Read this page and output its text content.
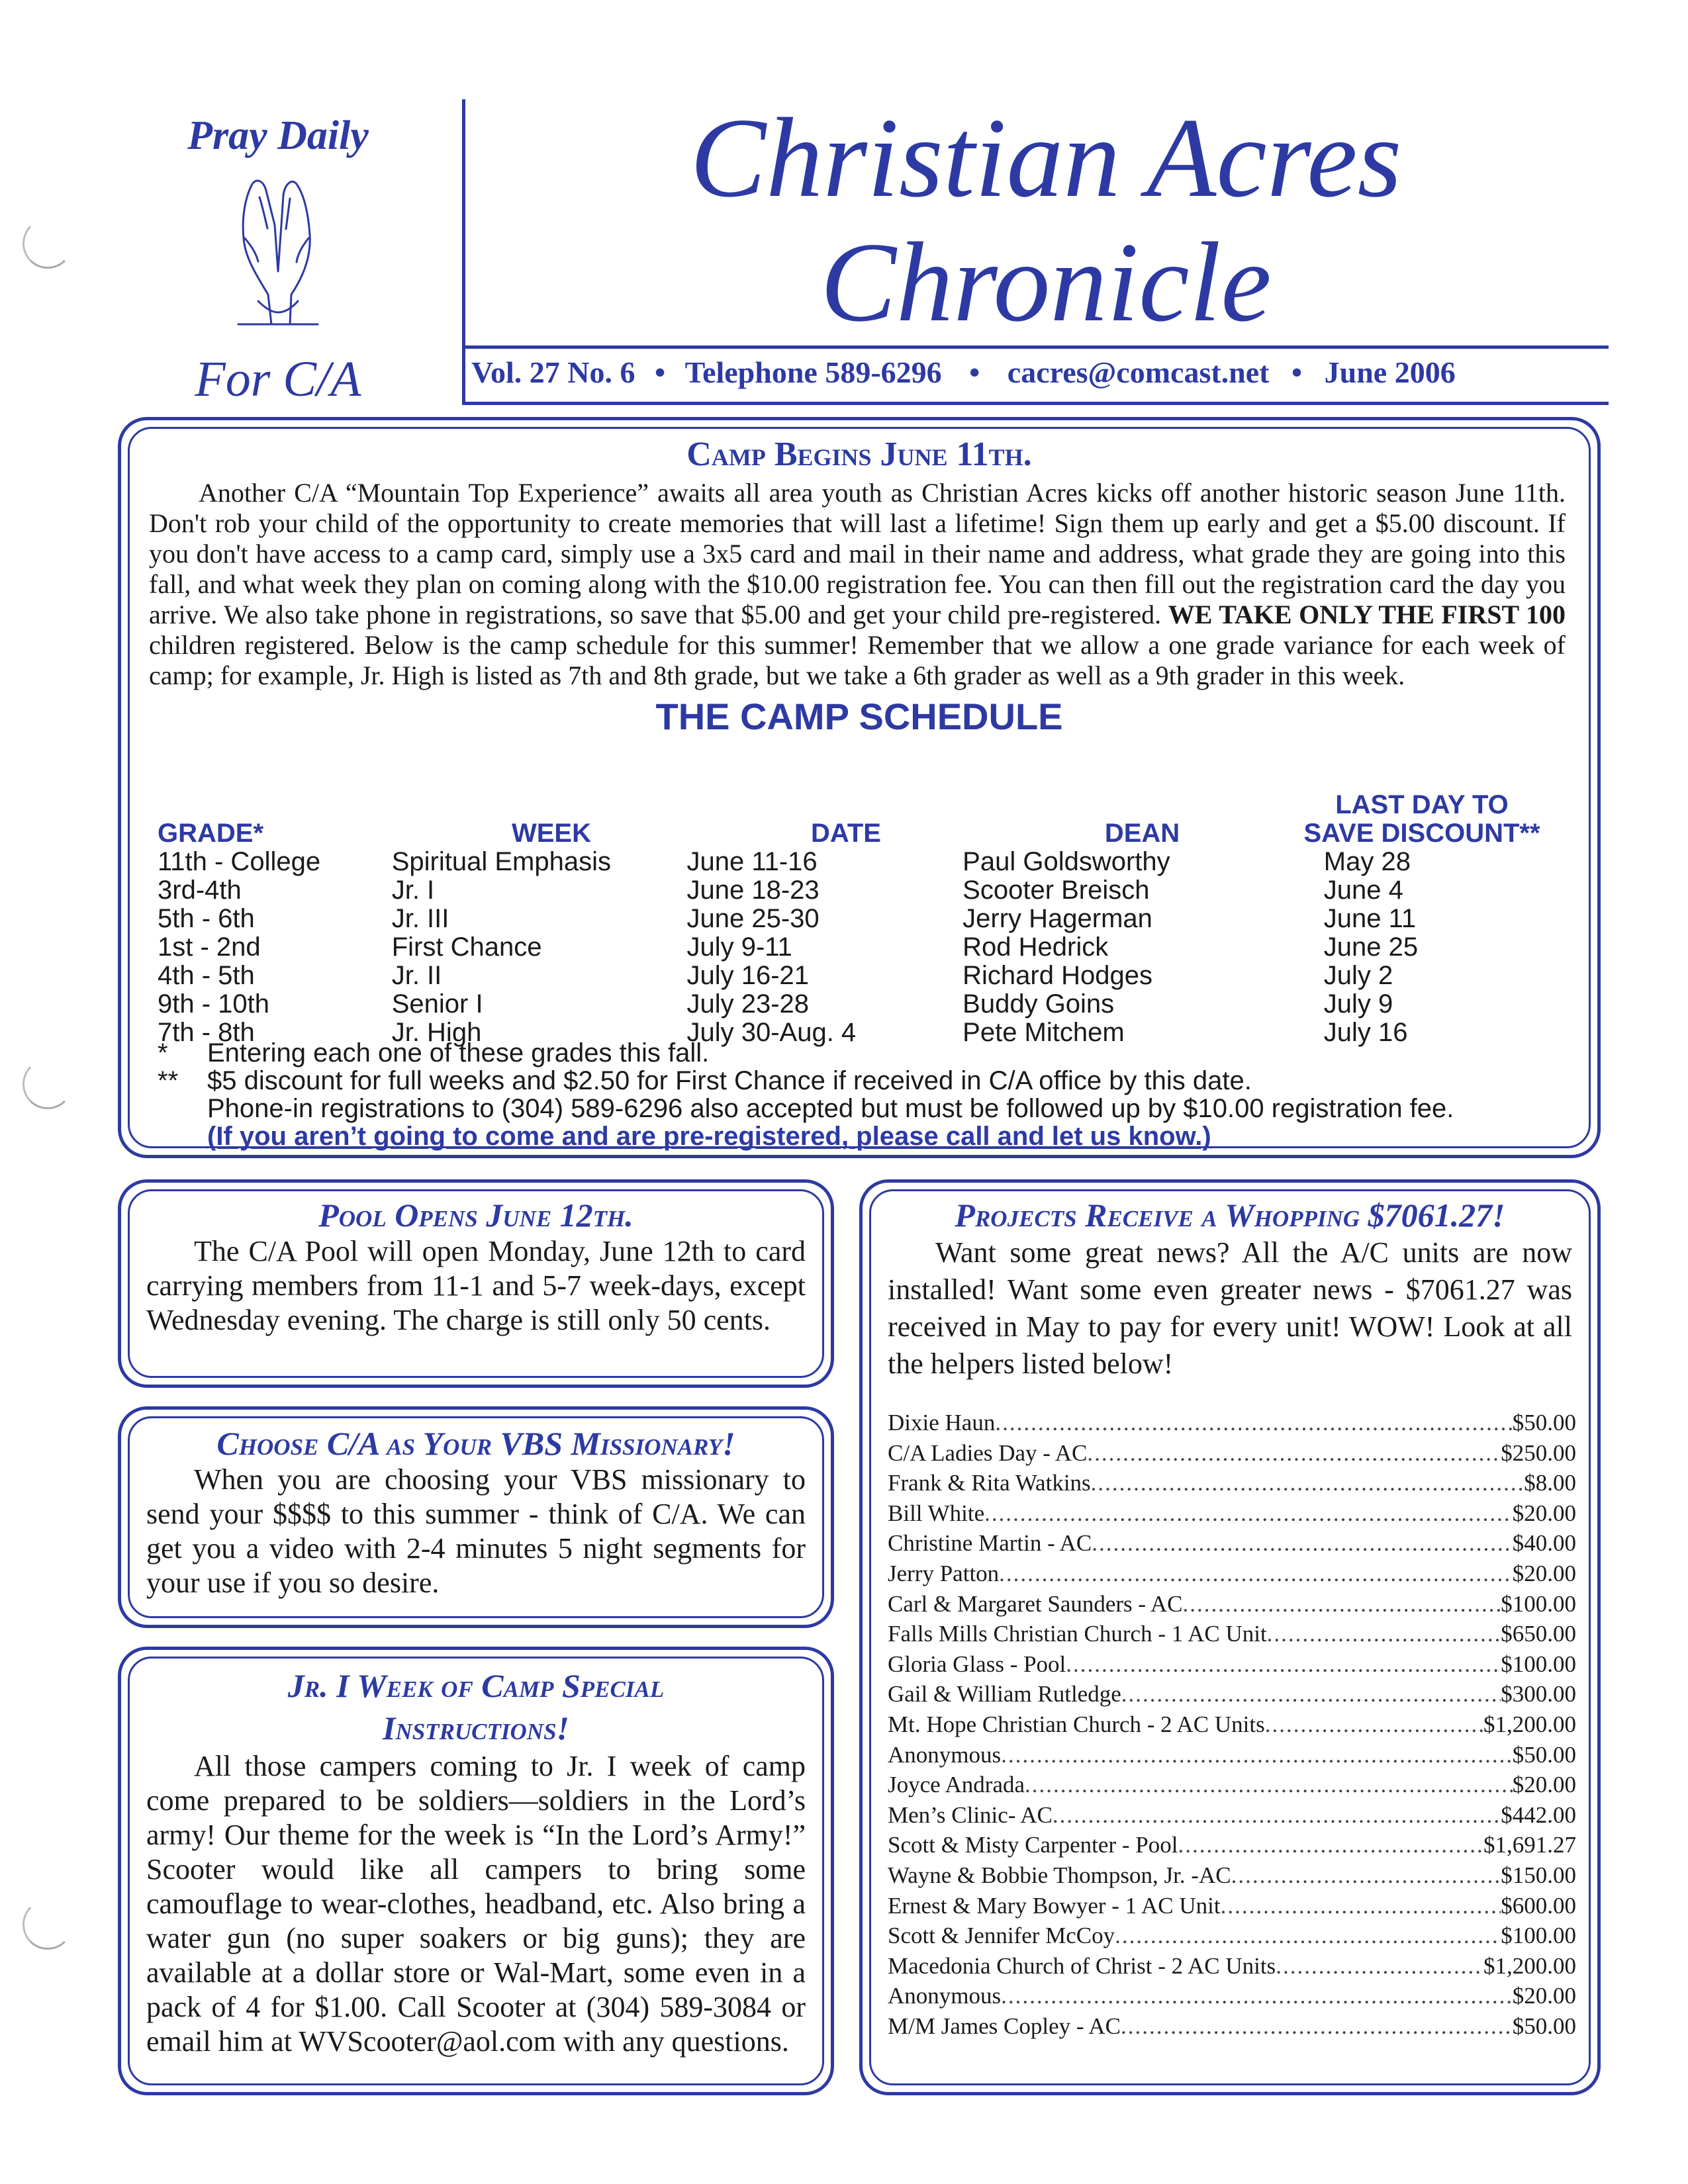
Pray Daily
For C/A
Christian Acres
Chronicle
Vol. 27 No. 6 • Telephone 589-6296 • cacres@comcast.net • June 2006
Camp Begins June 11th.
Another C/A “Mountain Top Experience” awaits all area youth as Christian Acres kicks off another historic season June 11th. Don't rob your child of the opportunity to create memories that will last a lifetime! Sign them up early and get a $5.00 discount. If you don't have access to a camp card, simply use a 3x5 card and mail in their name and address, what grade they are going into this fall, and what week they plan on coming along with the $10.00 registration fee. You can then fill out the registration card the day you arrive. We also take phone in registrations, so save that $5.00 and get your child pre-registered. WE TAKE ONLY THE FIRST 100 children registered. Below is the camp schedule for this summer! Remember that we allow a one grade variance for each week of camp; for example, Jr. High is listed as 7th and 8th grade, but we take a 6th grader as well as a 9th grader in this week.
THE CAMP SCHEDULE
GRADE*	WEEK	DATE	DEAN
LAST DAY TO
SAVE DISCOUNT**
11th - College	Spiritual Emphasis	June 11-16	Paul Goldsworthy	May 28
3rd-4th	Jr. I	June 18-23	Scooter Breisch	June 4
5th - 6th	Jr. III	June 25-30	Jerry Hagerman	June 11
1st - 2nd	First Chance	July 9-11	Rod Hedrick	June 25
4th - 5th	Jr. II	July 16-21	Richard Hodges	July 2
9th - 10th	Senior I	July 23-28	Buddy Goins	July 9
7th - 8th	Jr. High	July 30-Aug. 4	Pete Mitchem	July 16
*	Entering each one of these grades this fall.
**	$5 discount for full weeks and $2.50 for First Chance if received in C/A office by this date.
Phone-in registrations to (304) 589-6296 also accepted but must be followed up by $10.00 registration fee.
(If you aren’t going to come and are pre-registered, please call and let us know.)
Pool Opens June 12th.
The C/A Pool will open Monday, June 12th to card carrying members from 11-1 and 5-7 week-days, except Wednesday evening. The charge is still only 50 cents.
Choose C/A as Your VBS Missionary!
When you are choosing your VBS missionary to send your $$$$ to this summer - think of C/A. We can get you a video with 2-4 minutes 5 night segments for your use if you so desire.
Jr. I Week of Camp Special
Instructions!
All those campers coming to Jr. I week of camp come prepared to be soldiers—soldiers in the Lord’s army! Our theme for the week is “In the Lord’s Army!” Scooter would like all campers to bring some camouflage to wear-clothes, headband, etc. Also bring a water gun (no super soakers or big guns); they are available at a dollar store or Wal-Mart, some even in a pack of 4 for $1.00. Call Scooter at (304) 589-3084 or email him at WVScooter@aol.com with any questions.
Projects Receive a Whopping $7061.27!
Want some great news? All the A/C units are now installed! Want some even greater news - $7061.27 was received in May to pay for every unit! WOW! Look at all the helpers listed below!
Dixie Haun .....	$50.00
C/A Ladies Day - AC .....	$250.00
Frank & Rita Watkins .....	$8.00
Bill White .....	$20.00
Christine Martin - AC .....	$40.00
Jerry Patton .....	$20.00
Carl & Margaret Saunders - AC .....	$100.00
Falls Mills Christian Church - 1 AC Unit .....	$650.00
Gloria Glass - Pool .....	$100.00
Gail & William Rutledge .....	$300.00
Mt. Hope Christian Church - 2 AC Units .....	$1,200.00
Anonymous .....	$50.00
Joyce Andrada .....	$20.00
Men’s Clinic- AC .....	$442.00
Scott & Misty Carpenter - Pool .....	$1,691.27
Wayne & Bobbie Thompson, Jr. -AC .....	$150.00
Ernest & Mary Bowyer - 1 AC Unit .....	$600.00
Scott & Jennifer McCoy .....	$100.00
Macedonia Church of Christ - 2 AC Units .....	$1,200.00
Anonymous .....	$20.00
M/M James Copley - AC .....	$50.00
